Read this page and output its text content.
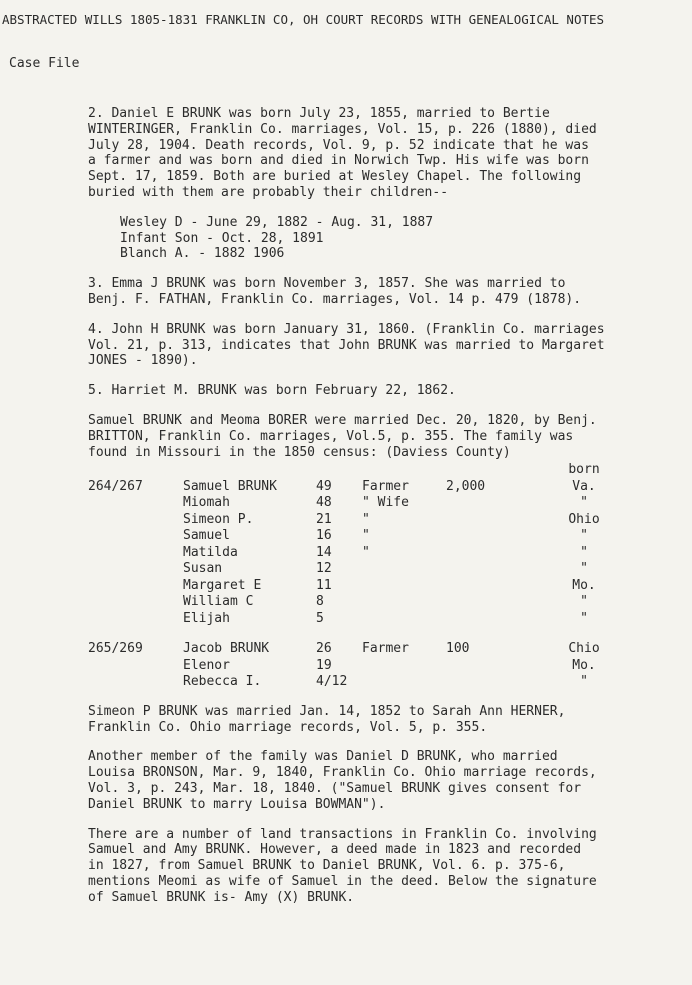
ABSTRACTED WILLS 1805-1831 FRANKLIN CO, OH COURT RECORDS WITH GENEALOGICAL NOTES
Case File

2. Daniel E BRUNK was born July 23, 1855, married to Bertie

WINTERINGER, Franklin Co. marriages, Vol. 15, p. 226 (1880), died

July 28, 1904. Death records, Vol. 9, p. 52 indicate that he was

a farmer and was born and died in Norwich Twp. His wife was born

Sept. 17, 1859. Both are buried at Wesley Chapel. The following

buried with them are probably their children--

Wesley D - June 29, 1882 - Aug. 31, 1887

Infant Son - Oct. 28, 1891

Blanch A. - 1882 1906

3. Emma J BRUNK was born November 3, 1857. She was married to

Benj. F. FATHAN, Franklin Co. marriages, Vol. 14 p. 479 (1878).

4. John H BRUNK was born January 31, 1860. (Franklin Co. marriages

Vol. 21, p. 313, indicates that John BRUNK was married to Margaret

JONES - 1890).

5. Harriet M. BRUNK was born February 22, 1862.

Samuel BRUNK and Meoma BORER were married Dec. 20, 1820, by Benj.

BRITTON, Franklin Co. marriages, Vol.5, p. 355. The family was

found in Missouri in the 1850 census: (Daviess County)

					born
264/267	Samuel BRUNK	49	Farmer	2,000	Va.
	Miomah	48	" Wife		"
	Simeon P.	21	"		Ohio
	Samuel	16	"		"
	Matilda	14	"		"
	Susan	12			"
	Margaret E	11			Mo.
	William C	8			"
	Elijah	5			"

265/269	Jacob BRUNK	26	Farmer	100	Chio
	Elenor	19			Mo.
	Rebecca I.	4/12			"

Simeon P BRUNK was married Jan. 14, 1852 to Sarah Ann HERNER,

Franklin Co. Ohio marriage records, Vol. 5, p. 355.

Another member of the family was Daniel D BRUNK, who married

Louisa BRONSON, Mar. 9, 1840, Franklin Co. Ohio marriage records,

Vol. 3, p. 243, Mar. 18, 1840. ("Samuel BRUNK gives consent for

Daniel BRUNK to marry Louisa BOWMAN").

There are a number of land transactions in Franklin Co. involving

Samuel and Amy BRUNK. However, a deed made in 1823 and recorded

in 1827, from Samuel BRUNK to Daniel BRUNK, Vol. 6. p. 375-6,

mentions Meomi as wife of Samuel in the deed. Below the signature

of Samuel BRUNK is- Amy (X) BRUNK.
